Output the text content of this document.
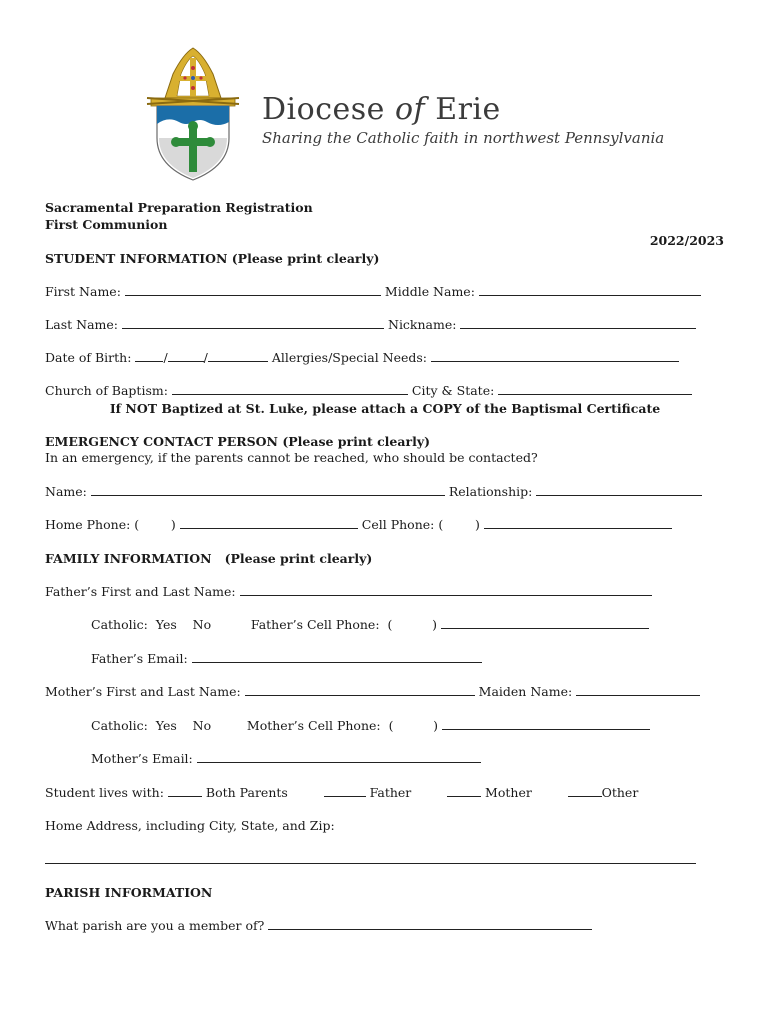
Diocese of Erie
Sharing the Catholic faith in northwest Pennsylvania
Sacramental Preparation Registration
First Communion
2022/2023
STUDENT INFORMATION (Please print clearly)
First Name:	Middle Name:
Last Name:	Nickname:
Date of Birth:	/	/	Allergies/Special Needs:
Church of Baptism:	City & State:
If NOT Baptized at St. Luke, please attach a COPY of the Baptismal Certificate
EMERGENCY CONTACT PERSON (Please print clearly)
In an emergency, if the parents cannot be reached, who should be contacted?
Name:	Relationship:
Home Phone: (        )	Cell Phone: (        )
FAMILY INFORMATION   (Please print clearly)
Father’s First and Last Name:
Catholic: Yes No	Father’s Cell Phone:  (          )
Father’s Email:
Mother’s First and Last Name:	Maiden Name:
Catholic: Yes No	Mother’s Cell Phone:  (          )
Mother’s Email:
Student lives with:	Both Parents	Father	Mother	Other
Home Address, including City, State, and Zip:
PARISH INFORMATION
What parish are you a member of?
